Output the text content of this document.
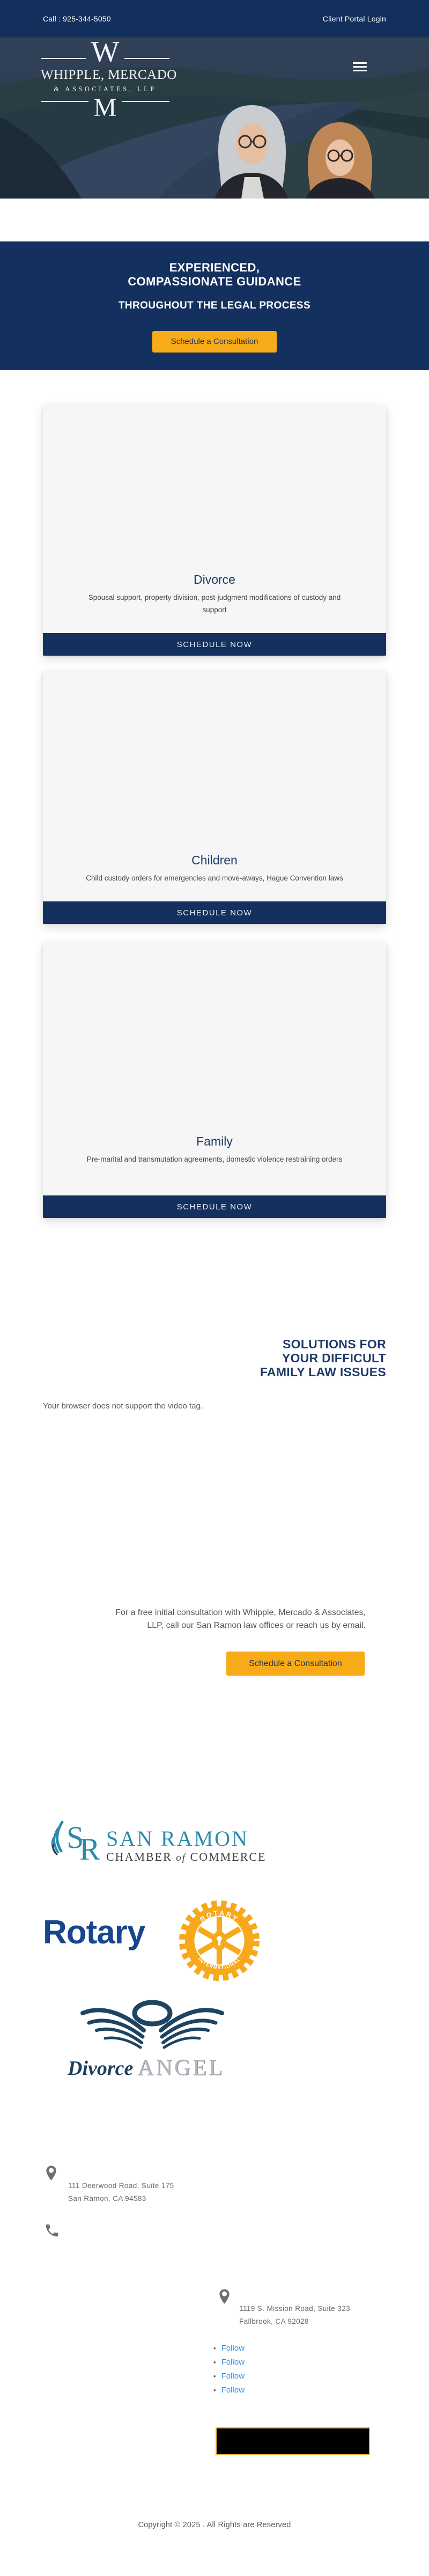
Call : 925-344-5050	Client Portal Login
W
WHIPPLE, MERCADO
& ASSOCIATES, LLP
M
EXPERIENCED,
COMPASSIONATE GUIDANCE
THROUGHOUT THE LEGAL PROCESS

Schedule a Consultation
Divorce
Spousal support, property division, post-judgment modifications of custody and support
SCHEDULE NOW
Children
Child custody orders for emergencies and move-aways, Hague Convention laws
SCHEDULE NOW
Family
Pre-marital and transmutation agreements, domestic violence restraining orders
SCHEDULE NOW
SOLUTIONS FOR
YOUR DIFFICULT
FAMILY LAW ISSUES
Your browser does not support the video tag.
For a free initial consultation with Whipple, Mercado & Associates,
LLP, call our San Ramon law offices or reach us by email.
Schedule a Consultation
S
R SAN RAMON
CHAMBER of COMMERCE
Rotary	ROTARY
INTERNATIONAL
Divorce ANGEL
111 Deerwood Road, Suite 175
San Ramon, CA 94583
1119 S. Mission Road, Suite 323
Fallbrook, CA 92028
• Follow
• Follow
• Follow
• Follow
Copyright © 2025 . All Rights are Reserved
